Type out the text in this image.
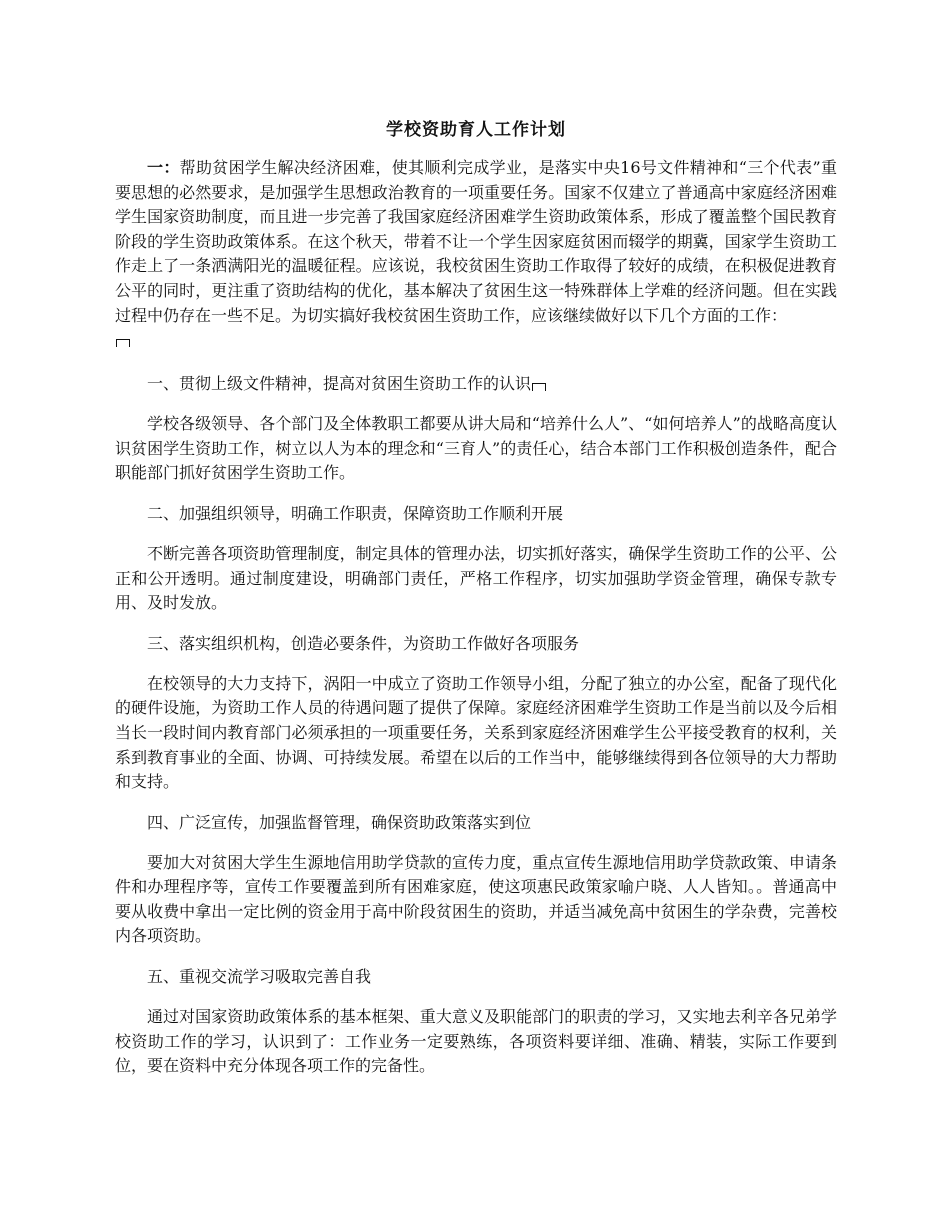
学校资助育人工作计划

一：帮助贫困学生解决经济困难，使其顺利完成学业，是落实中央16号文件精神和“三个代表”重要思想的必然要求，是加强学生思想政治教育的一项重要任务。国家不仅建立了普通高中家庭经济困难学生国家资助制度，而且进一步完善了我国家庭经济困难学生资助政策体系，形成了覆盖整个国民教育阶段的学生资助政策体系。在这个秋天，带着不让一个学生因家庭贫困而辍学的期冀，国家学生资助工作走上了一条洒满阳光的温暖征程。应该说，我校贫困生资助工作取得了较好的成绩，在积极促进教育公平的同时，更注重了资助结构的优化，基本解决了贫困生这一特殊群体上学难的经济问题。但在实践过程中仍存在一些不足。为切实搞好我校贫困生资助工作，应该继续做好以下几个方面的工作：

一、贯彻上级文件精神，提高对贫困生资助工作的认识

学校各级领导、各个部门及全体教职工都要从讲大局和“培养什么人”、“如何培养人”的战略高度认识贫困学生资助工作，树立以人为本的理念和“三育人”的责任心，结合本部门工作积极创造条件，配合职能部门抓好贫困学生资助工作。

二、加强组织领导，明确工作职责，保障资助工作顺利开展

不断完善各项资助管理制度，制定具体的管理办法，切实抓好落实，确保学生资助工作的公平、公正和公开透明。通过制度建设，明确部门责任，严格工作程序，切实加强助学资金管理，确保专款专用、及时发放。

三、落实组织机构，创造必要条件，为资助工作做好各项服务

在校领导的大力支持下，涡阳一中成立了资助工作领导小组，分配了独立的办公室，配备了现代化的硬件设施，为资助工作人员的待遇问题了提供了保障。家庭经济困难学生资助工作是当前以及今后相当长一段时间内教育部门必须承担的一项重要任务，关系到家庭经济困难学生公平接受教育的权利，关系到教育事业的全面、协调、可持续发展。希望在以后的工作当中，能够继续得到各位领导的大力帮助和支持。

四、广泛宣传，加强监督管理，确保资助政策落实到位

要加大对贫困大学生生源地信用助学贷款的宣传力度，重点宣传生源地信用助学贷款政策、申请条件和办理程序等，宣传工作要覆盖到所有困难家庭，使这项惠民政策家喻户晓、人人皆知。。普通高中要从收费中拿出一定比例的资金用于高中阶段贫困生的资助，并适当减免高中贫困生的学杂费，完善校内各项资助。

五、重视交流学习吸取完善自我

通过对国家资助政策体系的基本框架、重大意义及职能部门的职责的学习，又实地去利辛各兄弟学校资助工作的学习，认识到了：工作业务一定要熟练，各项资料要详细、准确、精装，实际工作要到位，要在资料中充分体现各项工作的完备性。
